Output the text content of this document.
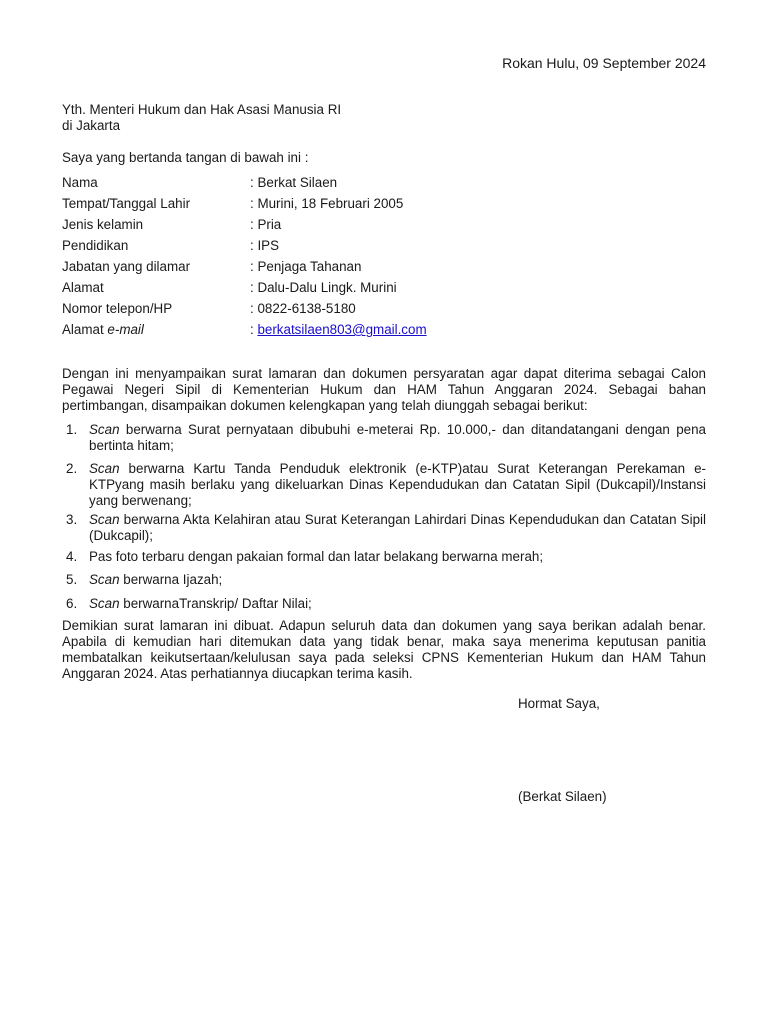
Rokan Hulu, 09 September 2024
Yth. Menteri Hukum dan Hak Asasi Manusia RI
di Jakarta
Saya yang bertanda tangan di bawah ini :
Nama	: Berkat Silaen
Tempat/Tanggal Lahir	: Murini, 18 Februari 2005
Jenis kelamin	: Pria
Pendidikan	: IPS
Jabatan yang dilamar	: Penjaga Tahanan
Alamat	: Dalu-Dalu Lingk. Murini
Nomor telepon/HP	: 0822-6138-5180
Alamat e-mail	: berkatsilaen803@gmail.com
Dengan ini menyampaikan surat lamaran dan dokumen persyaratan agar dapat diterima sebagai Calon Pegawai Negeri Sipil di Kementerian Hukum dan HAM Tahun Anggaran 2024. Sebagai bahan pertimbangan, disampaikan dokumen kelengkapan yang telah diunggah sebagai berikut:
1. Scan berwarna Surat pernyataan dibubuhi e-meterai Rp. 10.000,- dan ditandatangani dengan pena bertinta hitam;
2. Scan berwarna Kartu Tanda Penduduk elektronik (e-KTP)atau Surat Keterangan Perekaman e-KTPyang masih berlaku yang dikeluarkan Dinas Kependudukan dan Catatan Sipil (Dukcapil)/Instansi yang berwenang;
3. Scan berwarna Akta Kelahiran atau Surat Keterangan Lahirdari Dinas Kependudukan dan Catatan Sipil (Dukcapil);
4. Pas foto terbaru dengan pakaian formal dan latar belakang berwarna merah;
5. Scan berwarna Ijazah;
6. Scan berwarnaTranskrip/ Daftar Nilai;
Demikian surat lamaran ini dibuat. Adapun seluruh data dan dokumen yang saya berikan adalah benar. Apabila di kemudian hari ditemukan data yang tidak benar, maka saya menerima keputusan panitia membatalkan keikutsertaan/kelulusan saya pada seleksi CPNS Kementerian Hukum dan HAM Tahun Anggaran 2024. Atas perhatiannya diucapkan terima kasih.
Hormat Saya,
(Berkat Silaen)
